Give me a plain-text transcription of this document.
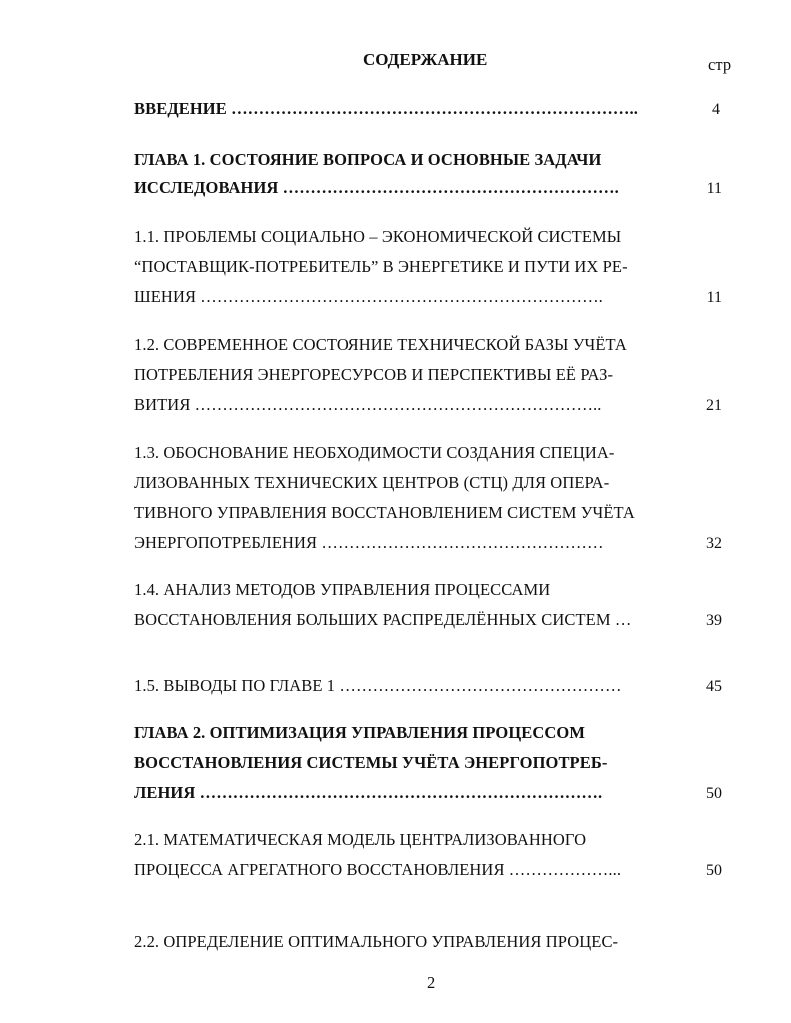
СОДЕРЖАНИЕ	стр
ВВЕДЕНИЕ ………………………………………………………………..	4
ГЛАВА 1. СОСТОЯНИЕ ВОПРОСА И ОСНОВНЫЕ ЗАДАЧИ
ИССЛЕДОВАНИЯ …………………………………………………….	11
1.1. ПРОБЛЕМЫ СОЦИАЛЬНО – ЭКОНОМИЧЕСКОЙ СИСТЕМЫ
“ПОСТАВЩИК-ПОТРЕБИТЕЛЬ” В ЭНЕРГЕТИКЕ И ПУТИ ИХ РЕ-
ШЕНИЯ ……………………………………………………………….	11
1.2. СОВРЕМЕННОЕ СОСТОЯНИЕ ТЕХНИЧЕСКОЙ БАЗЫ УЧЁТА
ПОТРЕБЛЕНИЯ ЭНЕРГОРЕСУРСОВ И ПЕРСПЕКТИВЫ ЕЁ РАЗ-
ВИТИЯ ………………………………………………………………..	21
1.3. ОБОСНОВАНИЕ НЕОБХОДИМОСТИ СОЗДАНИЯ СПЕЦИА-
ЛИЗОВАННЫХ ТЕХНИЧЕСКИХ ЦЕНТРОВ (СТЦ) ДЛЯ ОПЕРА-
ТИВНОГО УПРАВЛЕНИЯ ВОССТАНОВЛЕНИЕМ СИСТЕМ УЧЁТА
ЭНЕРГОПОТРЕБЛЕНИЯ ……………………………………………	32
1.4. АНАЛИЗ МЕТОДОВ УПРАВЛЕНИЯ ПРОЦЕССАМИ
ВОССТАНОВЛЕНИЯ БОЛЬШИХ РАСПРЕДЕЛЁННЫХ СИСТЕМ …	39
1.5. ВЫВОДЫ ПО ГЛАВЕ 1 ……………………………………………	45
ГЛАВА 2. ОПТИМИЗАЦИЯ УПРАВЛЕНИЯ ПРОЦЕССОМ
ВОССТАНОВЛЕНИЯ СИСТЕМЫ УЧЁТА ЭНЕРГОПОТРЕБ-
ЛЕНИЯ ……………………………………………………………….	50
2.1. МАТЕМАТИЧЕСКАЯ МОДЕЛЬ ЦЕНТРАЛИЗОВАННОГО
ПРОЦЕССА АГРЕГАТНОГО ВОССТАНОВЛЕНИЯ ………………...	50
2.2. ОПРЕДЕЛЕНИЕ ОПТИМАЛЬНОГО УПРАВЛЕНИЯ ПРОЦЕС-
2
